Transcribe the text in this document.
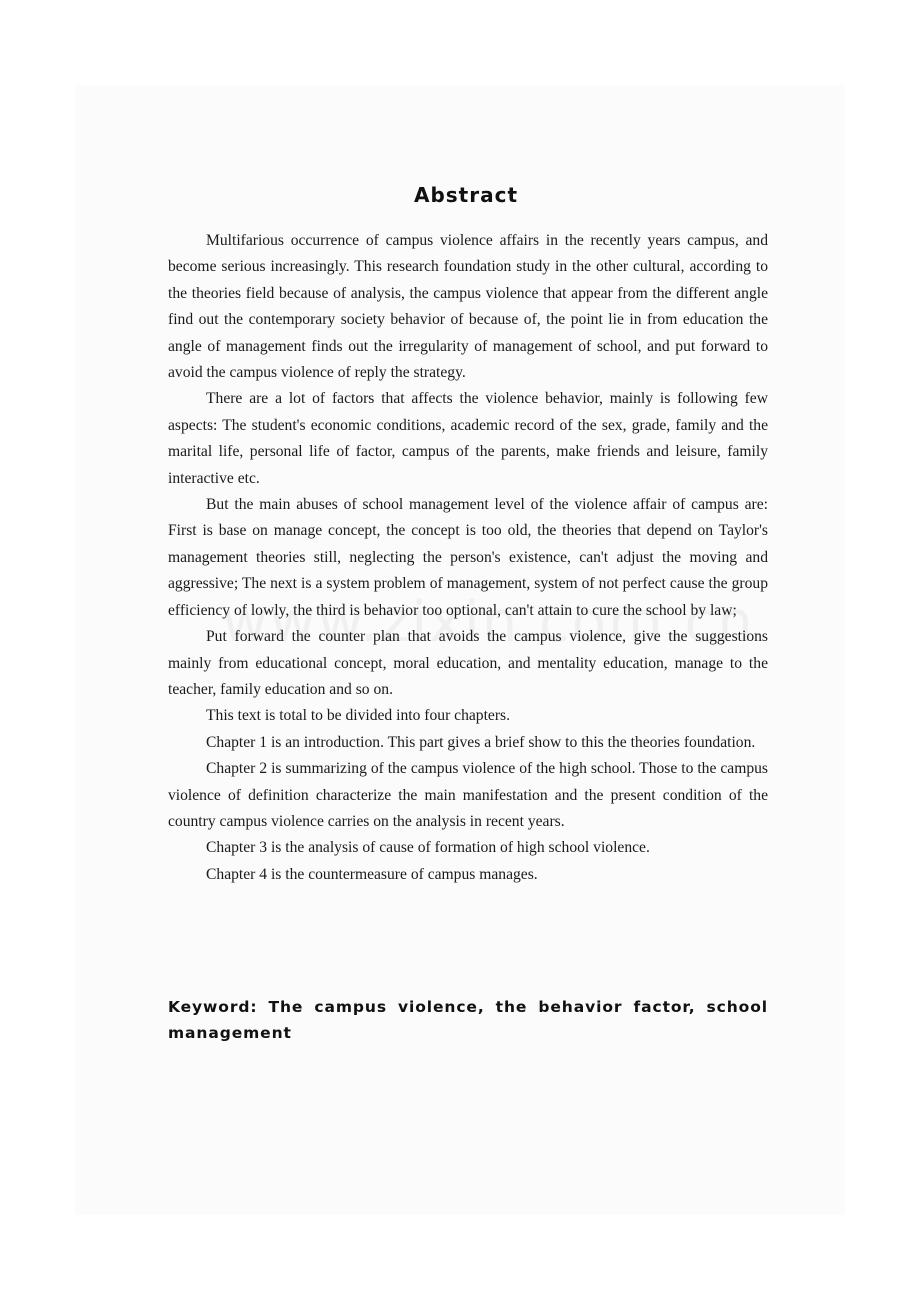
Abstract

Multifarious occurrence of campus violence affairs in the recently years campus, and become serious increasingly. This research foundation study in the other cultural, according to the theories field because of analysis, the campus violence that appear from the different angle find out the contemporary society behavior of because of, the point lie in from education the angle of management finds out the irregularity of management of school, and put forward to avoid the campus violence of reply the strategy.

There are a lot of factors that affects the violence behavior, mainly is following few aspects: The student's economic conditions, academic record of the sex, grade, family and the marital life, personal life of factor, campus of the parents, make friends and leisure, family interactive etc.

But the main abuses of school management level of the violence affair of campus are: First is base on manage concept, the concept is too old, the theories that depend on Taylor's management theories still, neglecting the person's existence, can't adjust the moving and aggressive; The next is a system problem of management, system of not perfect cause the group efficiency of lowly, the third is behavior too optional, can't attain to cure the school by law;

Put forward the counter plan that avoids the campus violence, give the suggestions mainly from educational concept, moral education, and mentality education, manage to the teacher, family education and so on.

This text is total to be divided into four chapters.

Chapter 1 is an introduction. This part gives a brief show to this the theories foundation.

Chapter 2 is summarizing of the campus violence of the high school. Those to the campus violence of definition characterize the main manifestation and the present condition of the country campus violence carries on the analysis in recent years.

Chapter 3 is the analysis of cause of formation of high school violence.

Chapter 4 is the countermeasure of campus manages.

Keyword: The campus violence, the behavior factor, school management
